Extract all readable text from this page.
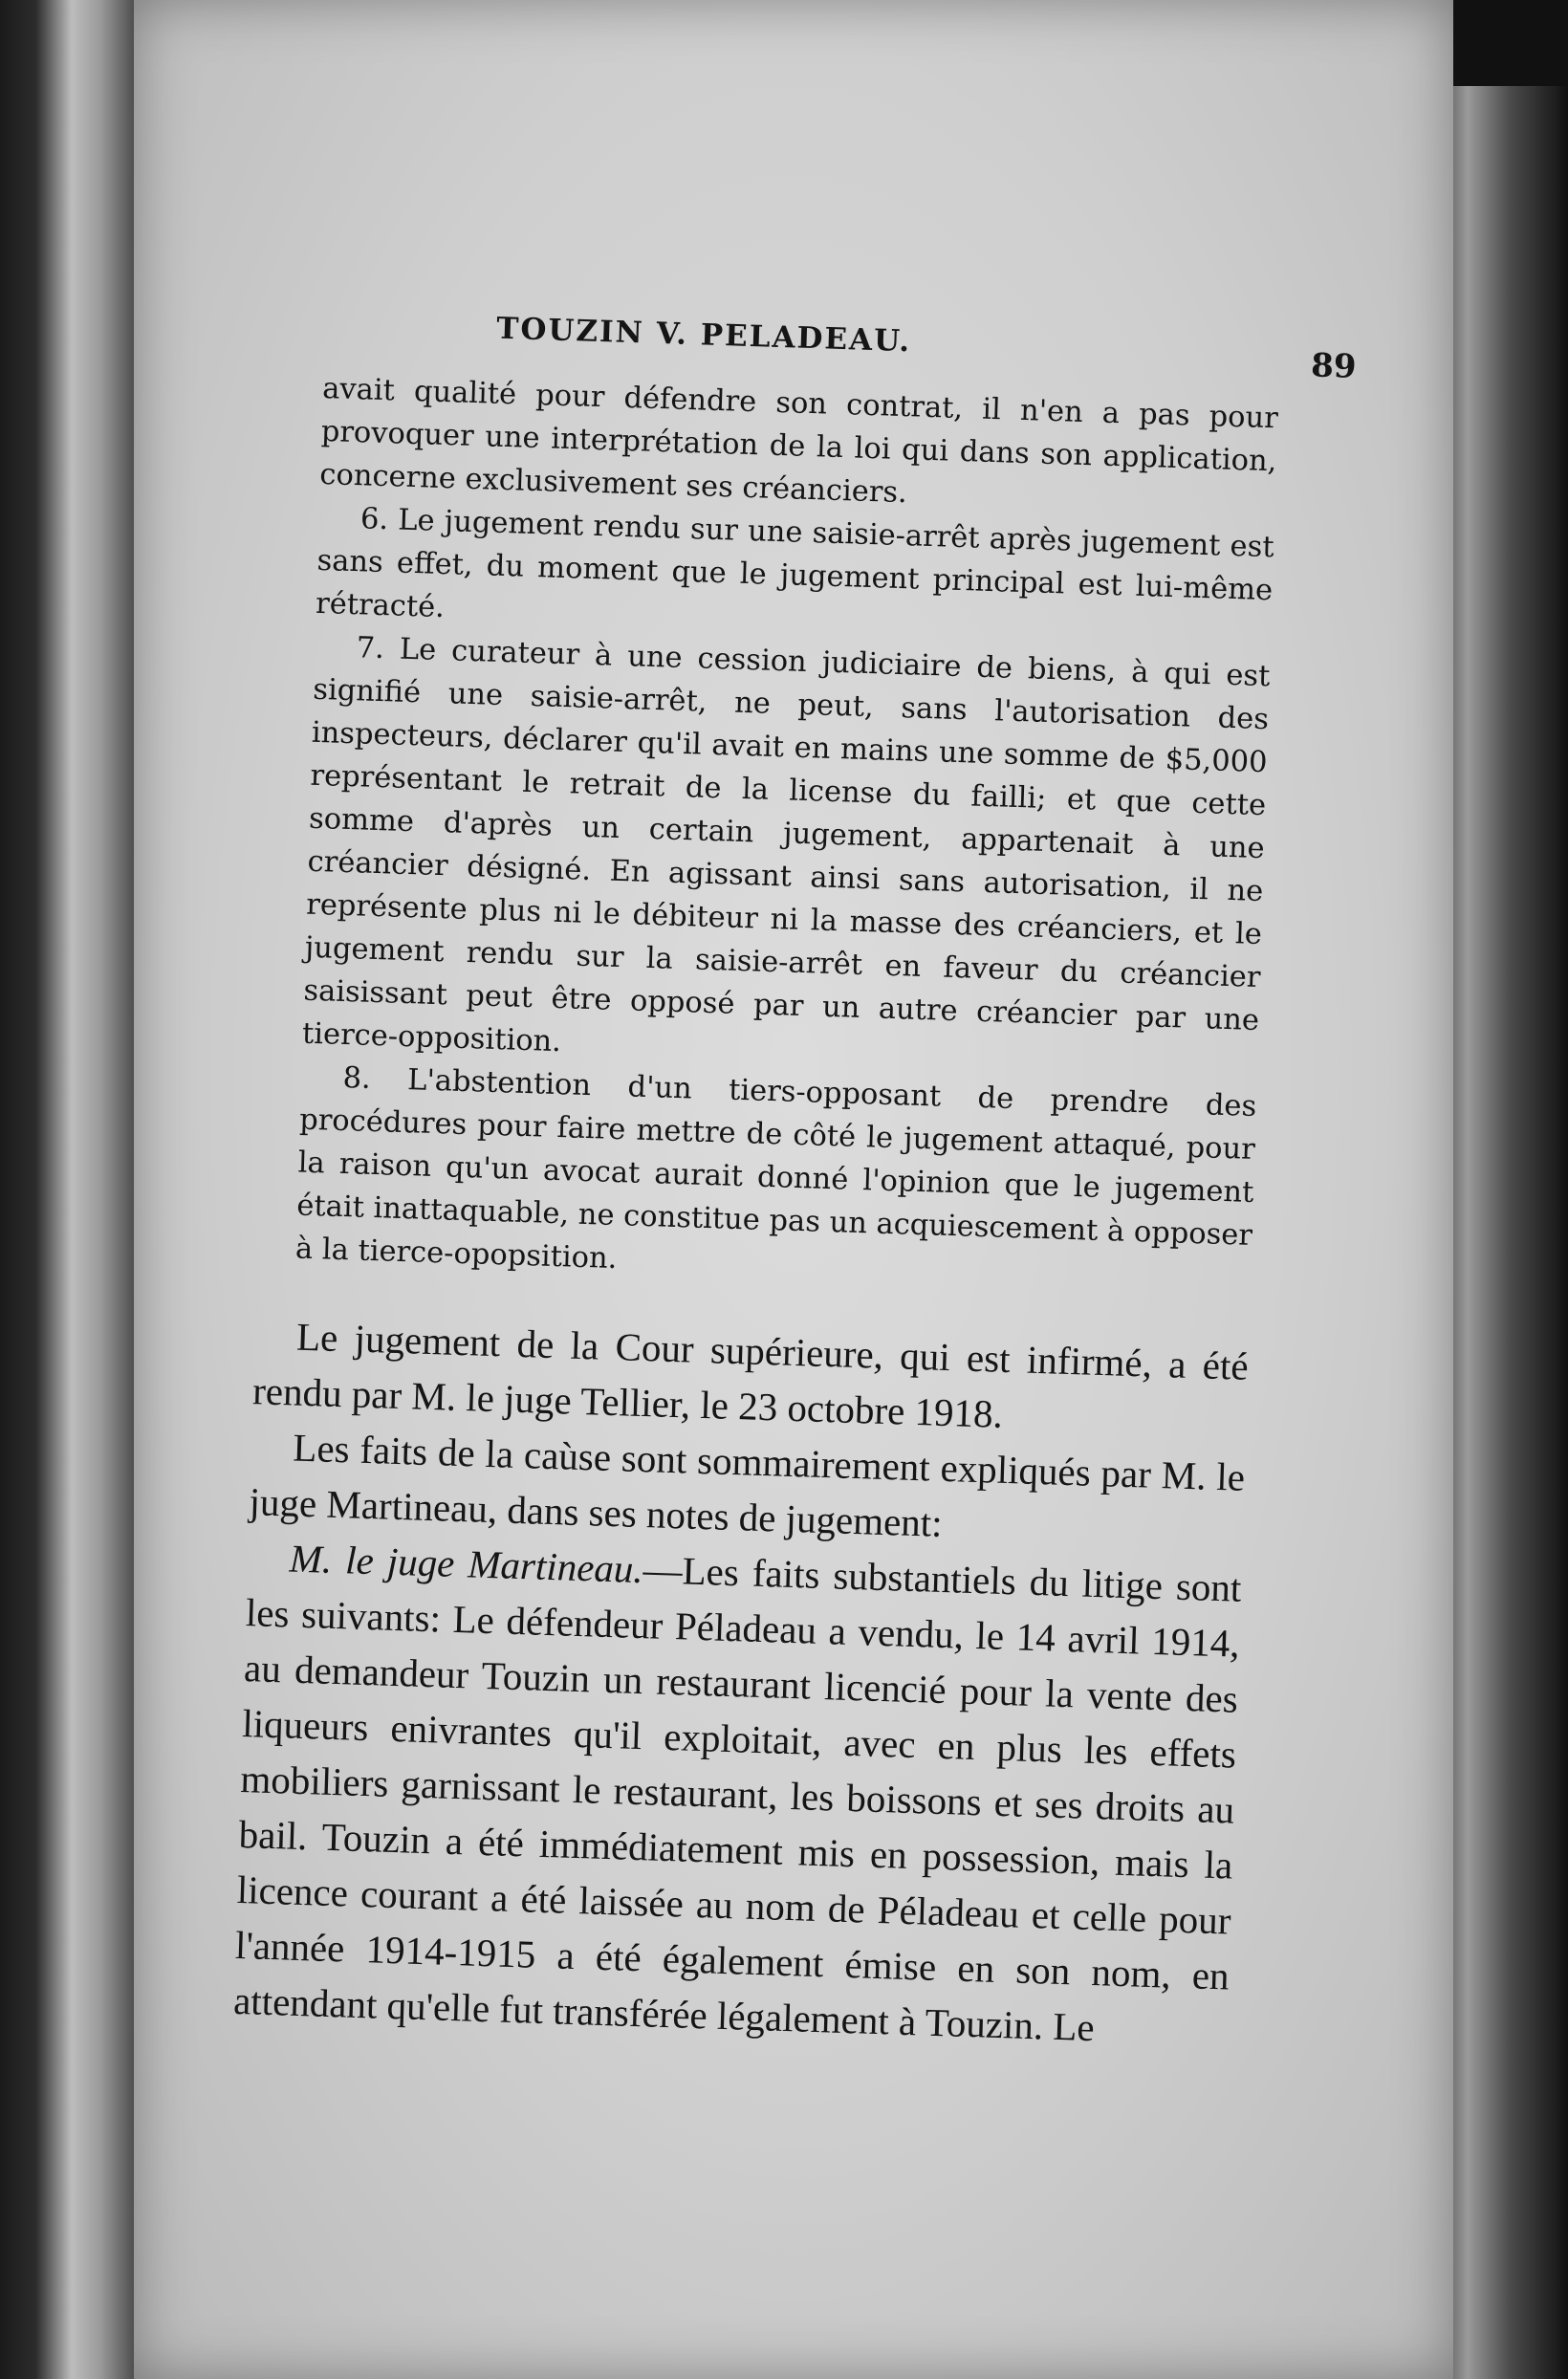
TOUZIN V. PELADEAU.
89

avait qualité pour défendre son contrat, il n'en a pas pour provoquer une interprétation de la loi qui dans son application, concerne exclusivement ses créanciers.

6. Le jugement rendu sur une saisie-arrêt après jugement est sans effet, du moment que le jugement principal est lui-même rétracté.

7. Le curateur à une cession judiciaire de biens, à qui est signifié une saisie-arrêt, ne peut, sans l'autorisation des inspecteurs, déclarer qu'il avait en mains une somme de $5,000 représentant le retrait de la license du failli; et que cette somme d'après un certain jugement, appartenait à une créancier désigné. En agissant ainsi sans autorisation, il ne représente plus ni le débiteur ni la masse des créanciers, et le jugement rendu sur la saisie-arrêt en faveur du créancier saisissant peut être opposé par un autre créancier par une tierce-opposition.

8. L'abstention d'un tiers-opposant de prendre des procédures pour faire mettre de côté le jugement attaqué, pour la raison qu'un avocat aurait donné l'opinion que le jugement était inattaquable, ne constitue pas un acquiescement à opposer à la tierce-opopsition.

Le jugement de la Cour supérieure, qui est infirmé, a été rendu par M. le juge Tellier, le 23 octobre 1918.

Les faits de la caùse sont sommairement expliqués par M. le juge Martineau, dans ses notes de jugement:

M. le juge Martineau.—Les faits substantiels du litige sont les suivants: Le défendeur Péladeau a vendu, le 14 avril 1914, au demandeur Touzin un restaurant licencié pour la vente des liqueurs enivrantes qu'il exploitait, avec en plus les effets mobiliers garnissant le restaurant, les boissons et ses droits au bail. Touzin a été immédiatement mis en possession, mais la licence courant a été laissée au nom de Péladeau et celle pour l'année 1914-1915 a été également émise en son nom, en attendant qu'elle fut transférée légalement à Touzin. Le
